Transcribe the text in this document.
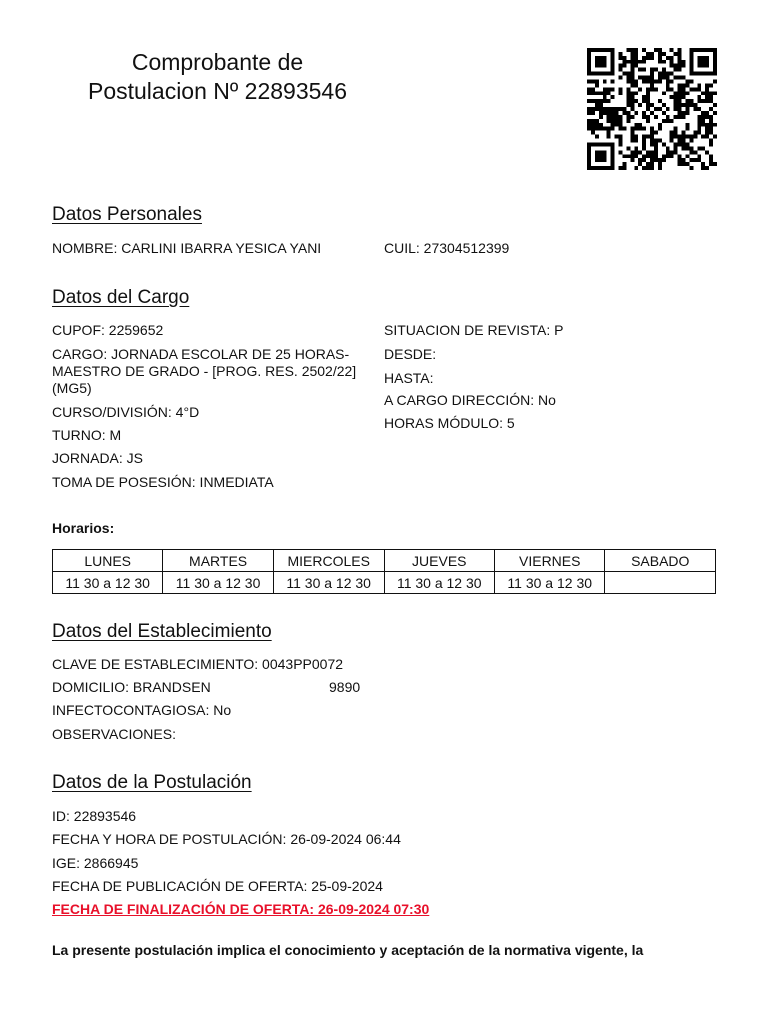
Comprobante de
Postulacion Nº 22893546
Datos Personales
NOMBRE: CARLINI IBARRA YESICA YANI	CUIL: 27304512399
Datos del Cargo
CUPOF: 2259652
CARGO: JORNADA ESCOLAR DE 25 HORAS-MAESTRO DE GRADO - [PROG. RES. 2502/22] (MG5)
CURSO/DIVISIÓN: 4°D
TURNO: M
JORNADA: JS
TOMA DE POSESIÓN: INMEDIATA
SITUACION DE REVISTA: P
DESDE:
HASTA:
A CARGO DIRECCIÓN: No
HORAS MÓDULO: 5
Horarios:
LUNES	MARTES	MIERCOLES	JUEVES	VIERNES	SABADO
11 30 a 12 30	11 30 a 12 30	11 30 a 12 30	11 30 a 12 30	11 30 a 12 30	
Datos del Establecimiento
CLAVE DE ESTABLECIMIENTO: 0043PP0072
DOMICILIO: BRANDSEN	9890
INFECTOCONTAGIOSA: No
OBSERVACIONES:
Datos de la Postulación
ID: 22893546
FECHA Y HORA DE POSTULACIÓN: 26-09-2024 06:44
IGE: 2866945
FECHA DE PUBLICACIÓN DE OFERTA: 25-09-2024
FECHA DE FINALIZACIÓN DE OFERTA: 26-09-2024 07:30
La presente postulación implica el conocimiento y aceptación de la normativa vigente, la
